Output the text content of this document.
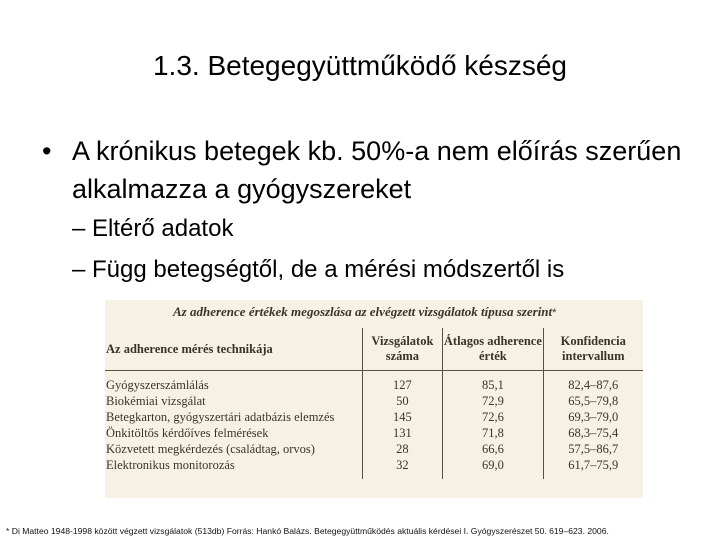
1.3. Betegegyüttműködő készség
• A krónikus betegek kb. 50%-a nem előírás szerűen alkalmazza a gyógyszereket
– Eltérő adatok
– Függ betegségtől, de a mérési módszertől is
Az adherence értékek megoszlása az elvégzett vizsgálatok típusa szerint*
Az adherence mérés technikája	Vizsgálatok száma	Átlagos adherence érték	Konfidencia intervallum
Gyógyszerszámlálás	127	85,1	82,4–87,6
Biokémiai vizsgálat	50	72,9	65,5–79,8
Betegkarton, gyógyszertári adatbázis elemzés	145	72,6	69,3–79,0
Önkitöltős kérdőíves felmérések	131	71,8	68,3–75,4
Közvetett megkérdezés (családtag, orvos)	28	66,6	57,5–86,7
Elektronikus monitorozás	32	69,0	61,7–75,9
* Di Matteo 1948-1998 között végzett vizsgálatok (513db) Forrás: Hankó Balázs. Betegegyüttműködés aktuális kérdései I. Gyógyszerészet 50. 619–623. 2006.
